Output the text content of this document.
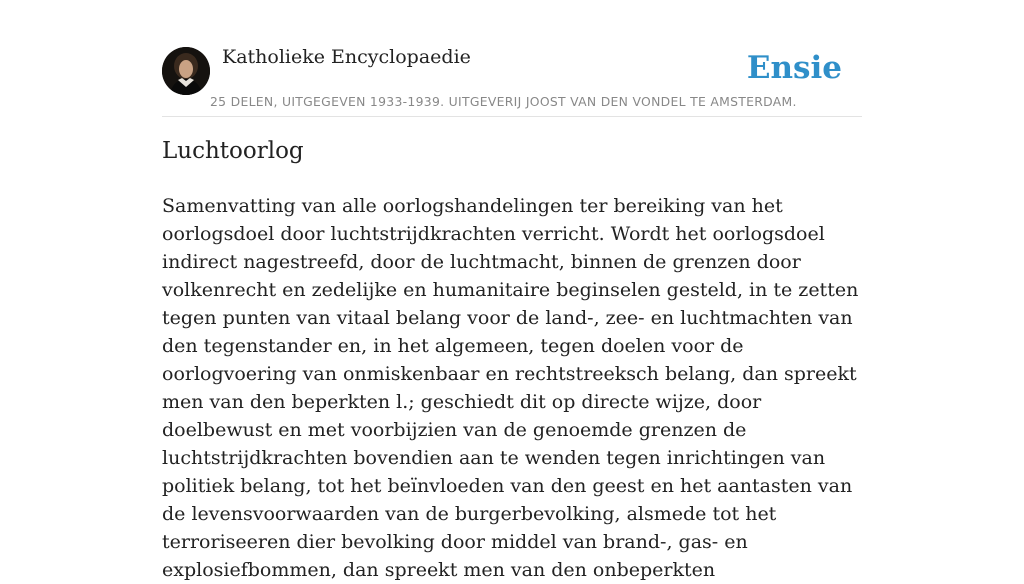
Katholieke Encyclopaedie
25 DELEN, UITGEGEVEN 1933-1939. UITGEVERIJ JOOST VAN DEN VONDEL TE AMSTERDAM.
Ensie
Luchtoorlog

Samenvatting van alle oorlogshandelingen ter bereiking van het oorlogsdoel door luchtstrijdkrachten verricht. Wordt het oorlogsdoel indirect nagestreefd, door de luchtmacht, binnen de grenzen door volkenrecht en zedelijke en humanitaire beginselen gesteld, in te zetten tegen punten van vitaal belang voor de land-, zee- en luchtmachten van den tegenstander en, in het algemeen, tegen doelen voor de oorlogvoering van onmiskenbaar en rechtstreeksch belang, dan spreekt men van den beperkten l.; geschiedt dit op directe wijze, door doelbewust en met voorbijzien van de genoemde grenzen de luchtstrijdkrachten bovendien aan te wenden tegen inrichtingen van politiek belang, tot het beïnvloeden van den geest en het aantasten van de levensvoorwaarden van de burgerbevolking, alsmede tot het terroriseeren dier bevolking door middel van brand-, gas- en explosiefbommen, dan spreekt men van den onbeperkten
